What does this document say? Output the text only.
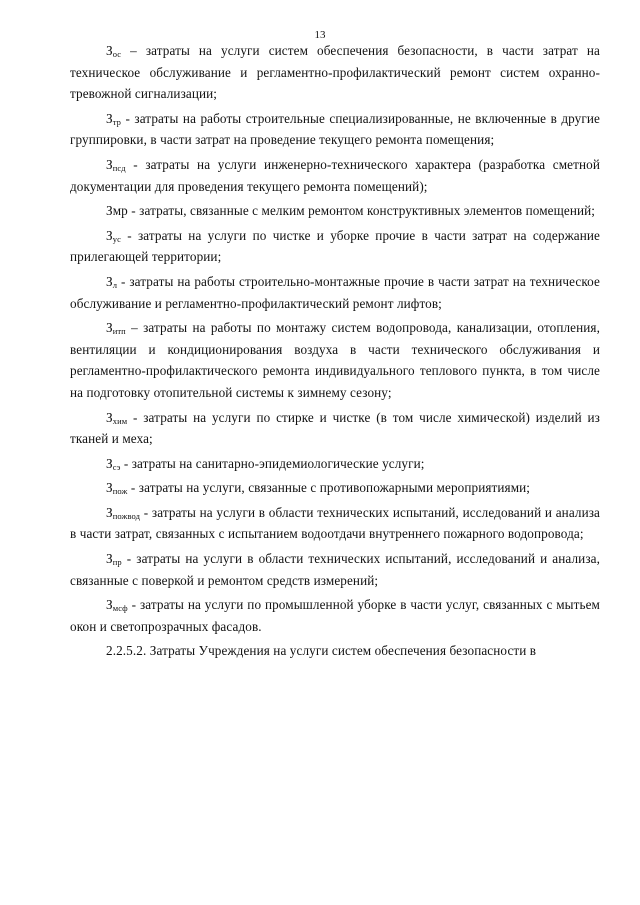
13

$З_{ос}$ – затраты на услуги систем обеспечения безопасности, в части затрат на техническое обслуживание и регламентно-профилактический ремонт систем охранно-тревожной сигнализации;

$З_{тр}$ - затраты на работы строительные специализированные, не включенные в другие группировки, в части затрат на проведение текущего ремонта помещения;

$З_{псд}$ - затраты на услуги инженерно-технического характера (разработка сметной документации для проведения текущего ремонта помещений);

Змр - затраты, связанные с мелким ремонтом конструктивных элементов помещений;

$З_{ус}$ - затраты на услуги по чистке и уборке прочие в части затрат на содержание прилегающей территории;

$З_л$ - затраты на работы строительно-монтажные прочие в части затрат на техническое обслуживание и регламентно-профилактический ремонт лифтов;

$З_{итп}$ – затраты на работы по монтажу систем водопровода, канализации, отопления, вентиляции и кондиционирования воздуха в части технического обслуживания и регламентно-профилактического ремонта индивидуального теплового пункта, в том числе на подготовку отопительной системы к зимнему сезону;

$З_{хим}$ - затраты на услуги по стирке и чистке (в том числе химической) изделий из тканей и меха;

$З_{сэ}$ - затраты на санитарно-эпидемиологические услуги;

$З_{пож}$ - затраты на услуги, связанные с противопожарными мероприятиями;

$З_{пожвод}$ - затраты на услуги в области технических испытаний, исследований и анализа в части затрат, связанных с испытанием водоотдачи внутреннего пожарного водопровода;

$З_{пр}$ - затраты на услуги в области технических испытаний, исследований и анализа, связанные с поверкой и ремонтом средств измерений;

$З_{мсф}$ - затраты на услуги по промышленной уборке в части услуг, связанных с мытьем окон и светопрозрачных фасадов.

2.2.5.2. Затраты Учреждения на услуги систем обеспечения безопасности в
